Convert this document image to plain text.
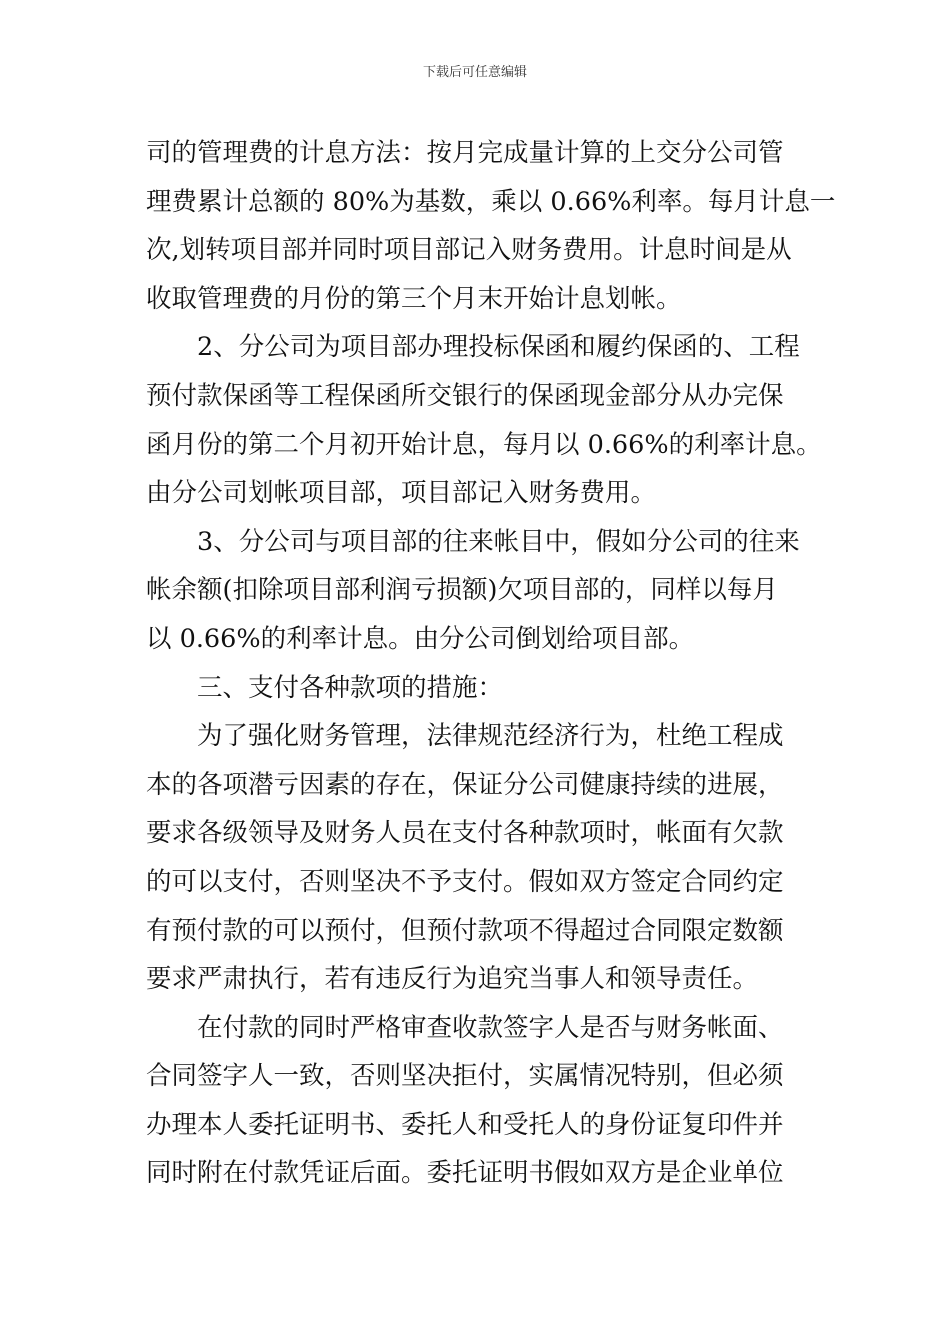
下载后可任意编辑
司的管理费的计息方法：按月完成量计算的上交分公司管
理费累计总额的 80%为基数，乘以 0.66%利率。每月计息一
次,划转项目部并同时项目部记入财务费用。计息时间是从
收取管理费的月份的第三个月末开始计息划帐。
2、分公司为项目部办理投标保函和履约保函的、工程
预付款保函等工程保函所交银行的保函现金部分从办完保
函月份的第二个月初开始计息，每月以 0.66%的利率计息。
由分公司划帐项目部，项目部记入财务费用。
3、分公司与项目部的往来帐目中，假如分公司的往来
帐余额(扣除项目部利润亏损额)欠项目部的，同样以每月
以 0.66%的利率计息。由分公司倒划给项目部。
三、支付各种款项的措施：
为了强化财务管理，法律规范经济行为，杜绝工程成
本的各项潜亏因素的存在，保证分公司健康持续的进展，
要求各级领导及财务人员在支付各种款项时，帐面有欠款
的可以支付，否则坚决不予支付。假如双方签定合同约定
有预付款的可以预付，但预付款项不得超过合同限定数额
要求严肃执行，若有违反行为追究当事人和领导责任。
在付款的同时严格审查收款签字人是否与财务帐面、
合同签字人一致，否则坚决拒付，实属情况特别，但必须
办理本人委托证明书、委托人和受托人的身份证复印件并
同时附在付款凭证后面。委托证明书假如双方是企业单位
